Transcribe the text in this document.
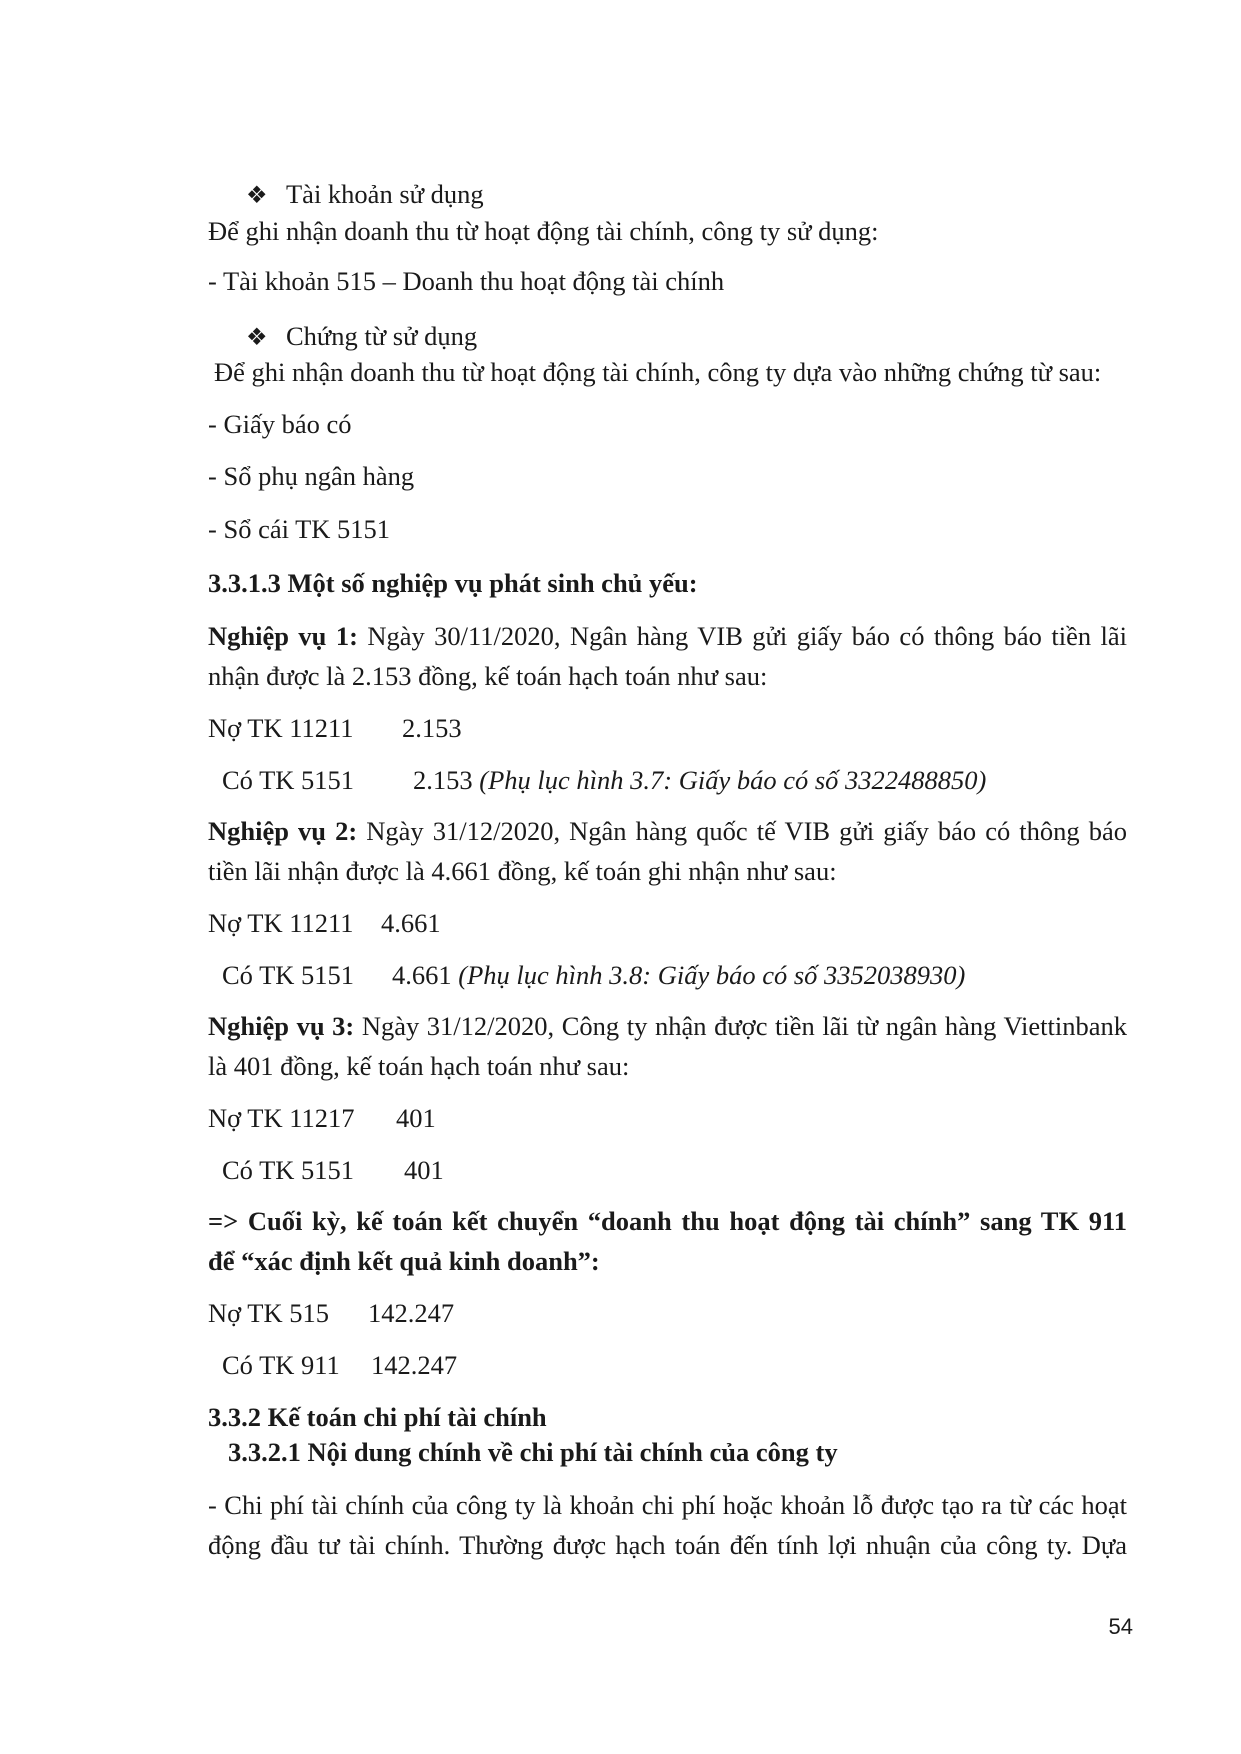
❖ Tài khoản sử dụng
Để ghi nhận doanh thu từ hoạt động tài chính, công ty sử dụng:
- Tài khoản 515 – Doanh thu hoạt động tài chính
❖ Chứng từ sử dụng
Để ghi nhận doanh thu từ hoạt động tài chính, công ty dựa vào những chứng từ sau:
- Giấy báo có
- Sổ phụ ngân hàng
- Sổ cái TK 5151
3.3.1.3 Một số nghiệp vụ phát sinh chủ yếu:
Nghiệp vụ 1: Ngày 30/11/2020, Ngân hàng VIB gửi giấy báo có thông báo tiền lãi
nhận được là 2.153 đồng, kế toán hạch toán như sau:
Nợ TK 11211 2.153
Có TK 5151 2.153 (Phụ lục hình 3.7: Giấy báo có số 3322488850)
Nghiệp vụ 2: Ngày 31/12/2020, Ngân hàng quốc tế VIB gửi giấy báo có thông báo
tiền lãi nhận được là 4.661 đồng, kế toán ghi nhận như sau:
Nợ TK 11211 4.661
Có TK 5151 4.661 (Phụ lục hình 3.8: Giấy báo có số 3352038930)
Nghiệp vụ 3: Ngày 31/12/2020, Công ty nhận được tiền lãi từ ngân hàng Viettinbank
là 401 đồng, kế toán hạch toán như sau:
Nợ TK 11217 401
Có TK 5151 401
=> Cuối kỳ, kế toán kết chuyển “doanh thu hoạt động tài chính” sang TK 911
để “xác định kết quả kinh doanh”:
Nợ TK 515 142.247
Có TK 911 142.247
3.3.2 Kế toán chi phí tài chính
3.3.2.1 Nội dung chính về chi phí tài chính của công ty
- Chi phí tài chính của công ty là khoản chi phí hoặc khoản lỗ được tạo ra từ các hoạt
động đầu tư tài chính. Thường được hạch toán đến tính lợi nhuận của công ty. Dựa
54
